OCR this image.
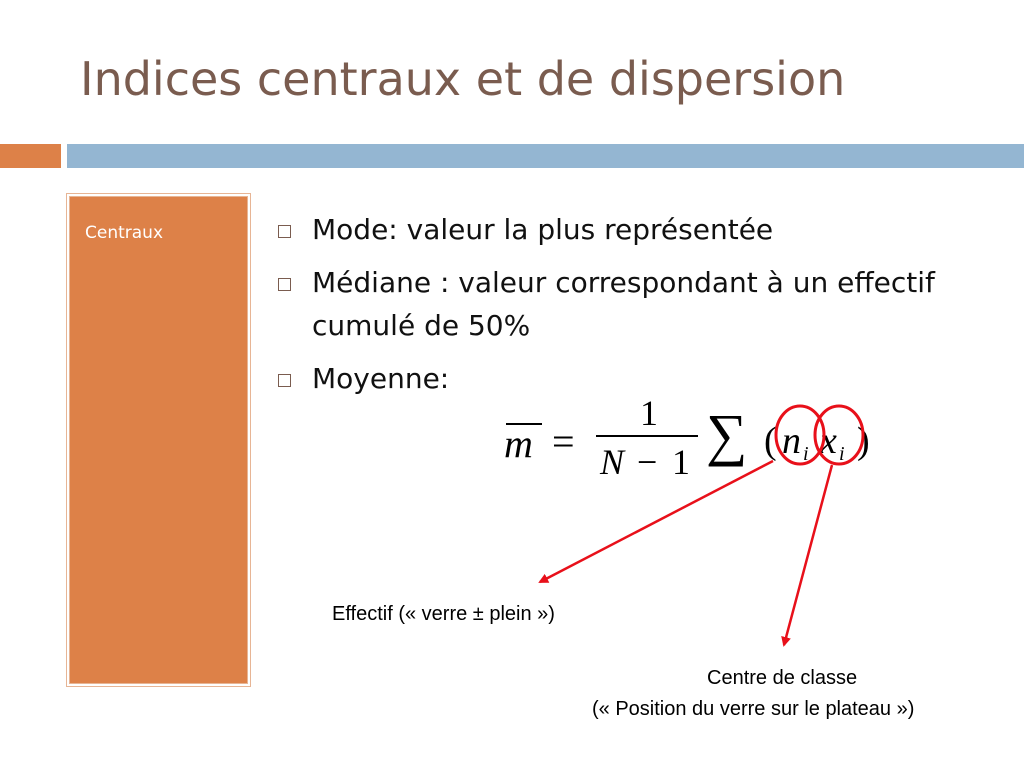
Indices centraux et de dispersion
Centraux	Mode: valeur la plus représentée
Médiane : valeur correspondant à un effectif cumulé de 50%
Moyenne:
m =
1
N − 1 ∑ ( n i x i )
Effectif (« verre ± plein »)
Centre de classe
(« Position du verre sur le plateau »)
